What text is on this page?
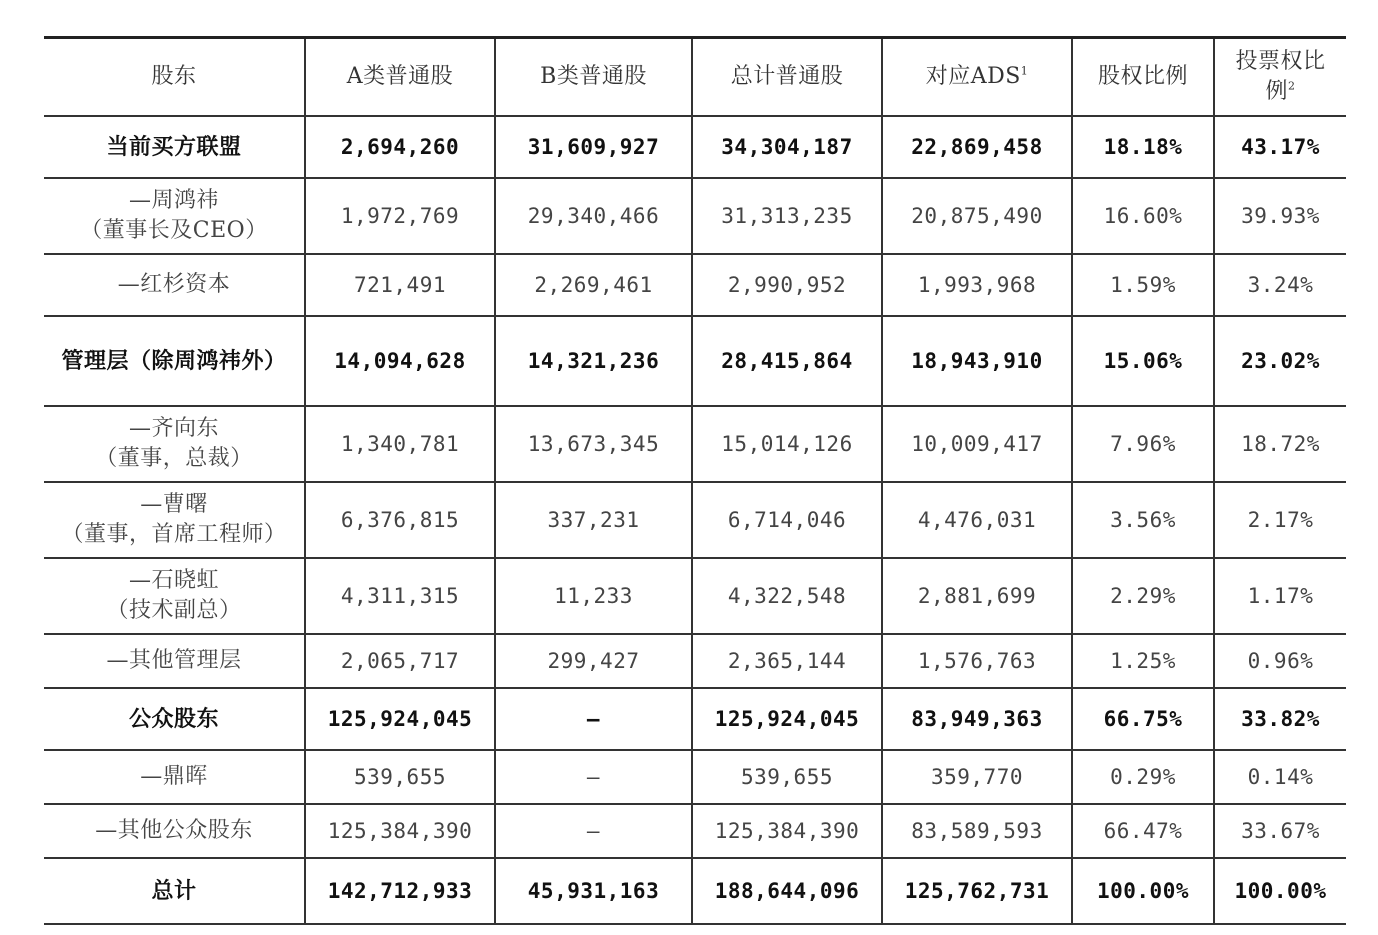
股东	A类普通股	B类普通股	总计普通股	对应ADS$^1$	股权比例	投票权比
例$^2$

当前买方联盟	2,694,260	31,609,927	34,304,187	22,869,458	18.18%	43.17%

—周鸿祎
（董事长及CEO）	1,972,769	29,340,466	31,313,235	20,875,490	16.60%	39.93%

—红杉资本	721,491	2,269,461	2,990,952	1,993,968	1.59%	3.24%

管理层（除周鸿祎外）	14,094,628	14,321,236	28,415,864	18,943,910	15.06%	23.02%

—齐向东
（董事，总裁）	1,340,781	13,673,345	15,014,126	10,009,417	7.96%	18.72%

—曹曙
（董事，首席工程师）	6,376,815	337,231	6,714,046	4,476,031	3.56%	2.17%

—石晓虹
（技术副总）	4,311,315	11,233	4,322,548	2,881,699	2.29%	1.17%

—其他管理层	2,065,717	299,427	2,365,144	1,576,763	1.25%	0.96%

公众股东	125,924,045	—	125,924,045	83,949,363	66.75%	33.82%

—鼎晖	539,655	—	539,655	359,770	0.29%	0.14%

—其他公众股东	125,384,390	—	125,384,390	83,589,593	66.47%	33.67%

总计	142,712,933	45,931,163	188,644,096	125,762,731	100.00%	100.00%
